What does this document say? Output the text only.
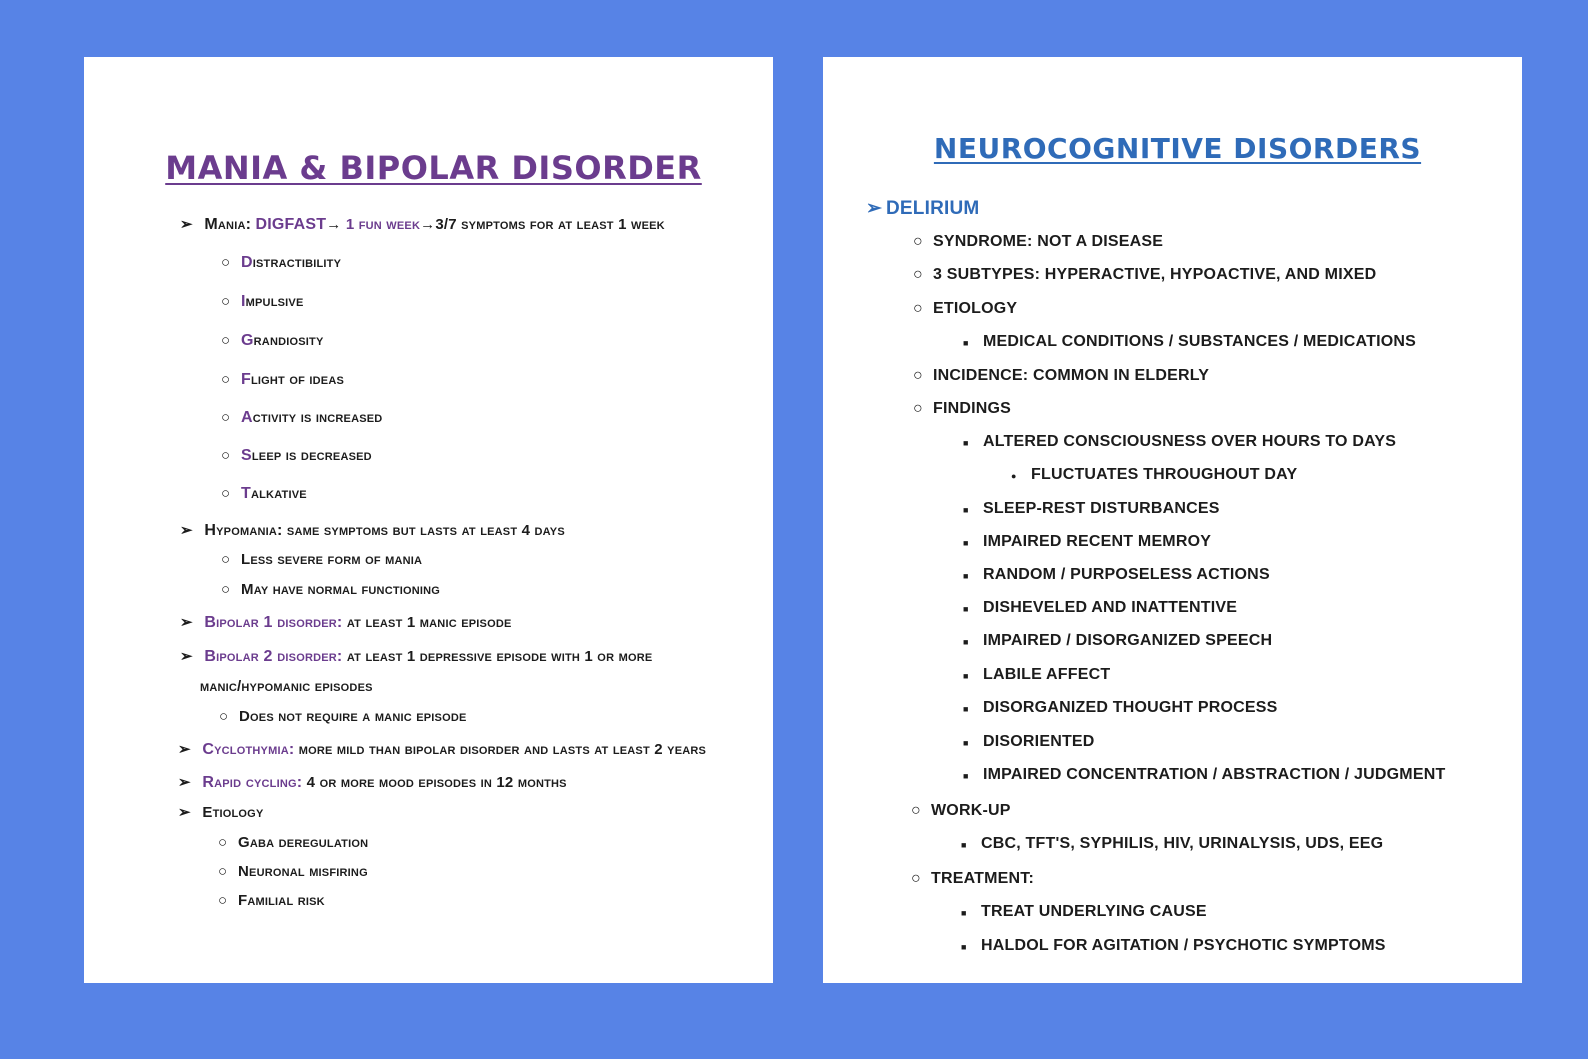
MANIA & BIPOLAR DISORDER
➢ Mania: DIGFAST→ 1 fun week→3/7 symptoms for at least 1 week
○ Distractibility
○ Impulsive
○ Grandiosity
○ Flight of ideas
○ Activity is increased
○ Sleep is decreased
○ Talkative
➢ Hypomania: same symptoms but lasts at least 4 days
○ Less severe form of mania
○ May have normal functioning
➢ Bipolar 1 disorder: at least 1 manic episode
➢ Bipolar 2 disorder: at least 1 depressive episode with 1 or more
manic/hypomanic episodes
○ Does not require a manic episode
➢ Cyclothymia: more mild than bipolar disorder and lasts at least 2 years
➢ Rapid cycling: 4 or more mood episodes in 12 months
➢ Etiology
○ Gaba deregulation
○ Neuronal misfiring
○ Familial risk
NEUROCOGNITIVE DISORDERS
➢ DELIRIUM
○ SYNDROME: NOT A DISEASE
○ 3 SUBTYPES: HYPERACTIVE, HYPOACTIVE, AND MIXED
○ ETIOLOGY
■ MEDICAL CONDITIONS / SUBSTANCES / MEDICATIONS
○ INCIDENCE: COMMON IN ELDERLY
○ FINDINGS
■ ALTERED CONSCIOUSNESS OVER HOURS TO DAYS
● FLUCTUATES THROUGHOUT DAY
■ SLEEP-REST DISTURBANCES
■ IMPAIRED RECENT MEMROY
■ RANDOM / PURPOSELESS ACTIONS
■ DISHEVELED AND INATTENTIVE
■ IMPAIRED / DISORGANIZED SPEECH
■ LABILE AFFECT
■ DISORGANIZED THOUGHT PROCESS
■ DISORIENTED
■ IMPAIRED CONCENTRATION / ABSTRACTION / JUDGMENT
○ WORK-UP
■ CBC, TFT'S, SYPHILIS, HIV, URINALYSIS, UDS, EEG
○ TREATMENT:
■ TREAT UNDERLYING CAUSE
■ HALDOL FOR AGITATION / PSYCHOTIC SYMPTOMS
